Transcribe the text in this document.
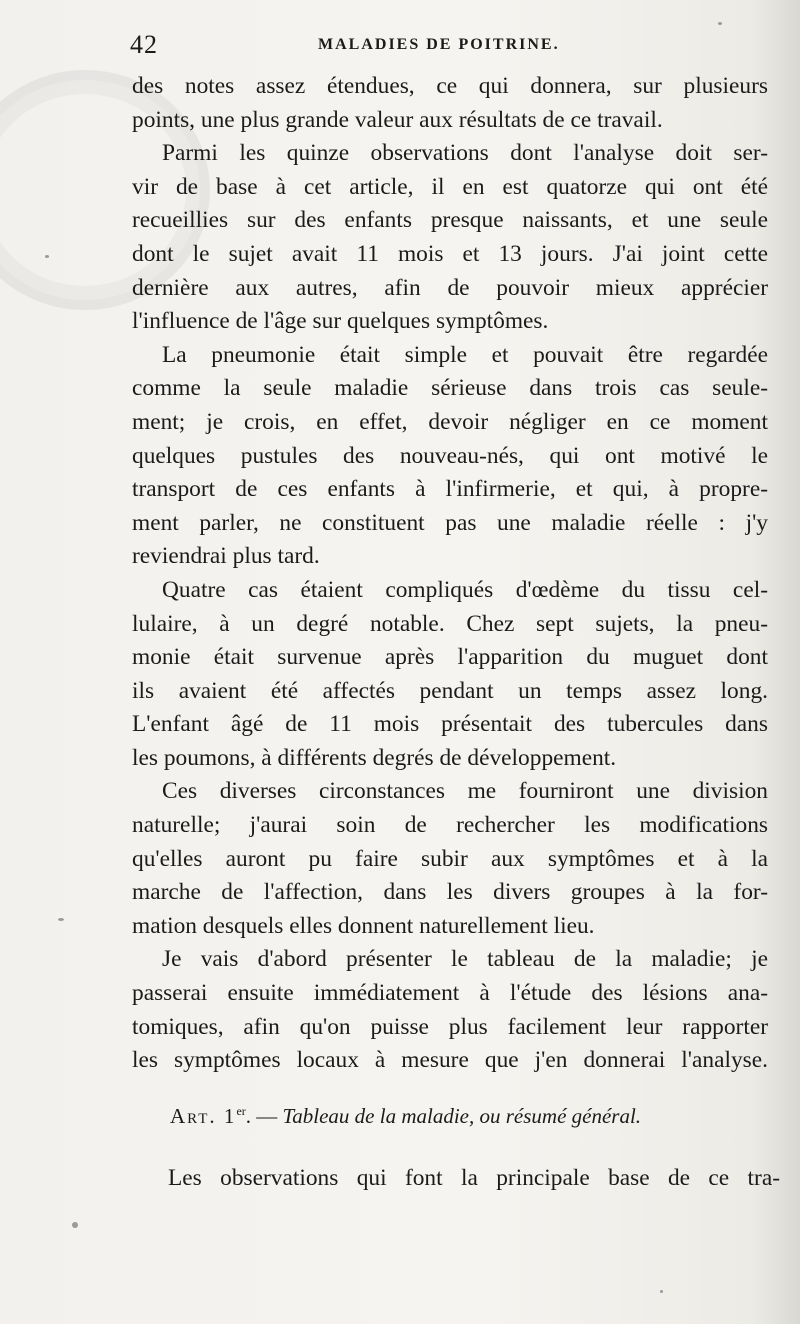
42	MALADIES DE POITRINE.
des notes assez étendues, ce qui donnera, sur plusieurs
points, une plus grande valeur aux résultats de ce travail.
Parmi les quinze observations dont l'analyse doit ser-
vir de base à cet article, il en est quatorze qui ont été
recueillies sur des enfants presque naissants, et une seule
dont le sujet avait 11 mois et 13 jours. J'ai joint cette
dernière aux autres, afin de pouvoir mieux apprécier
l'influence de l'âge sur quelques symptômes.
La pneumonie était simple et pouvait être regardée
comme la seule maladie sérieuse dans trois cas seule-
ment; je crois, en effet, devoir négliger en ce moment
quelques pustules des nouveau-nés, qui ont motivé le
transport de ces enfants à l'infirmerie, et qui, à propre-
ment parler, ne constituent pas une maladie réelle : j'y
reviendrai plus tard.
Quatre cas étaient compliqués d'œdème du tissu cel-
lulaire, à un degré notable. Chez sept sujets, la pneu-
monie était survenue après l'apparition du muguet dont
ils avaient été affectés pendant un temps assez long.
L'enfant âgé de 11 mois présentait des tubercules dans
les poumons, à différents degrés de développement.
Ces diverses circonstances me fourniront une division
naturelle; j'aurai soin de rechercher les modifications
qu'elles auront pu faire subir aux symptômes et à la
marche de l'affection, dans les divers groupes à la for-
mation desquels elles donnent naturellement lieu.
Je vais d'abord présenter le tableau de la maladie; je
passerai ensuite immédiatement à l'étude des lésions ana-
tomiques, afin qu'on puisse plus facilement leur rapporter
les symptômes locaux à mesure que j'en donnerai l'analyse.
Art. 1er. — Tableau de la maladie, ou résumé général.
Les observations qui font la principale base de ce tra-
